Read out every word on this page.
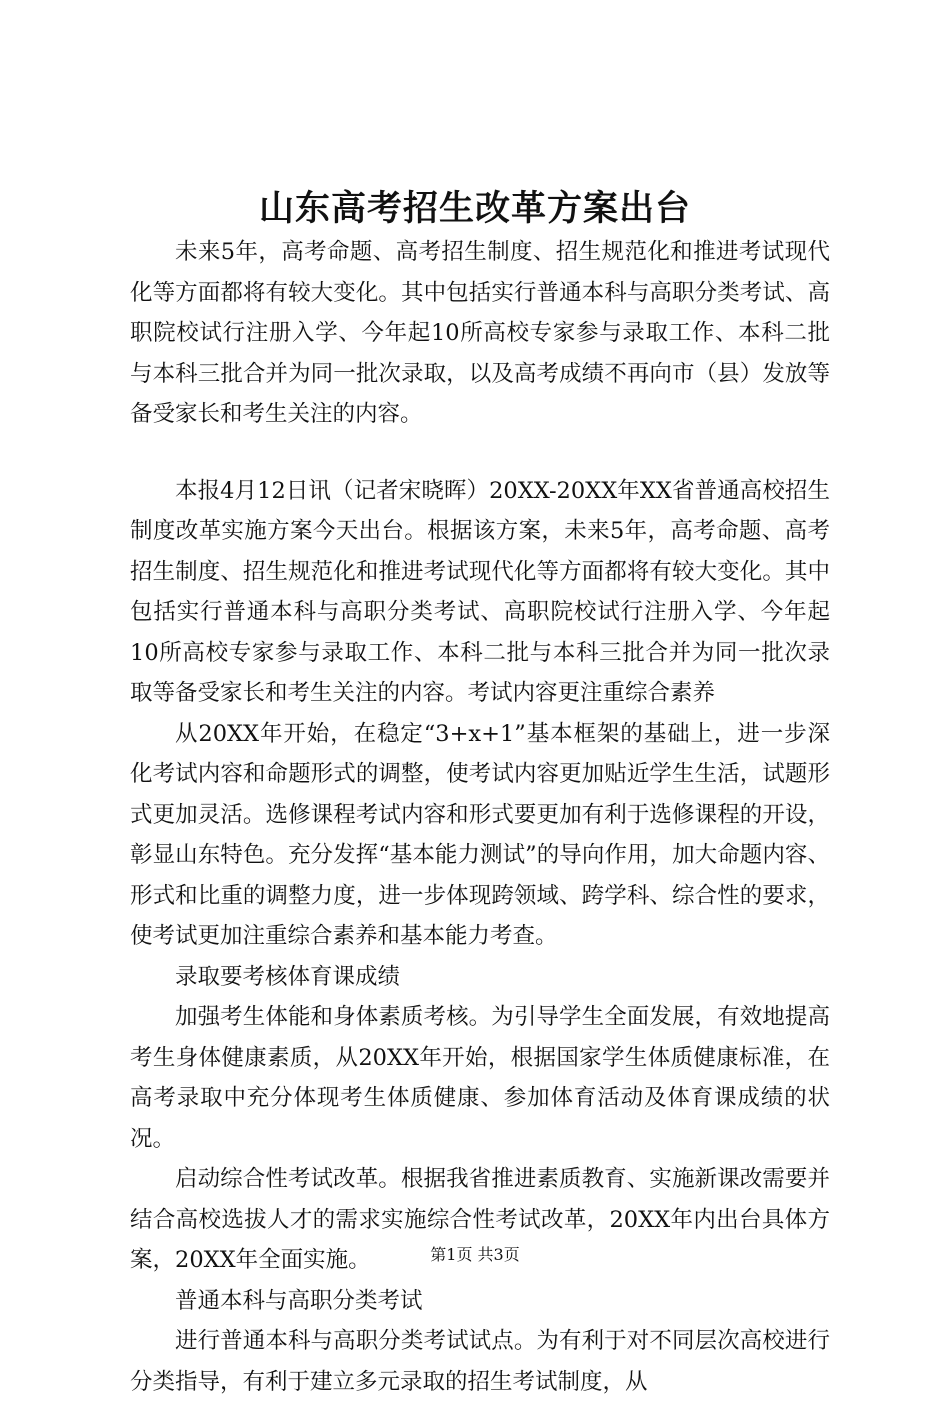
山东高考招生改革方案出台

未来5年，高考命题、高考招生制度、招生规范化和推进考试现代化等方面都将有较大变化。其中包括实行普通本科与高职分类考试、高职院校试行注册入学、今年起10所高校专家参与录取工作、本科二批与本科三批合并为同一批次录取，以及高考成绩不再向市（县）发放等备受家长和考生关注的内容。

本报4月12日讯（记者宋晓晖）20XX-20XX年XX省普通高校招生制度改革实施方案今天出台。根据该方案，未来5年，高考命题、高考招生制度、招生规范化和推进考试现代化等方面都将有较大变化。其中包括实行普通本科与高职分类考试、高职院校试行注册入学、今年起10所高校专家参与录取工作、本科二批与本科三批合并为同一批次录取等备受家长和考生关注的内容。考试内容更注重综合素养

从20XX年开始，在稳定“3+x+1”基本框架的基础上，进一步深化考试内容和命题形式的调整，使考试内容更加贴近学生生活，试题形式更加灵活。选修课程考试内容和形式要更加有利于选修课程的开设，彰显山东特色。充分发挥“基本能力测试”的导向作用，加大命题内容、形式和比重的调整力度，进一步体现跨领域、跨学科、综合性的要求，使考试更加注重综合素养和基本能力考查。

录取要考核体育课成绩

加强考生体能和身体素质考核。为引导学生全面发展，有效地提高考生身体健康素质，从20XX年开始，根据国家学生体质健康标准，在高考录取中充分体现考生体质健康、参加体育活动及体育课成绩的状况。

启动综合性考试改革。根据我省推进素质教育、实施新课改需要并结合高校选拔人才的需求实施综合性考试改革，20XX年内出台具体方案，20XX年全面实施。

普通本科与高职分类考试

进行普通本科与高职分类考试试点。为有利于对不同层次高校进行分类指导，有利于建立多元录取的招生考试制度，从

第1页 共3页
